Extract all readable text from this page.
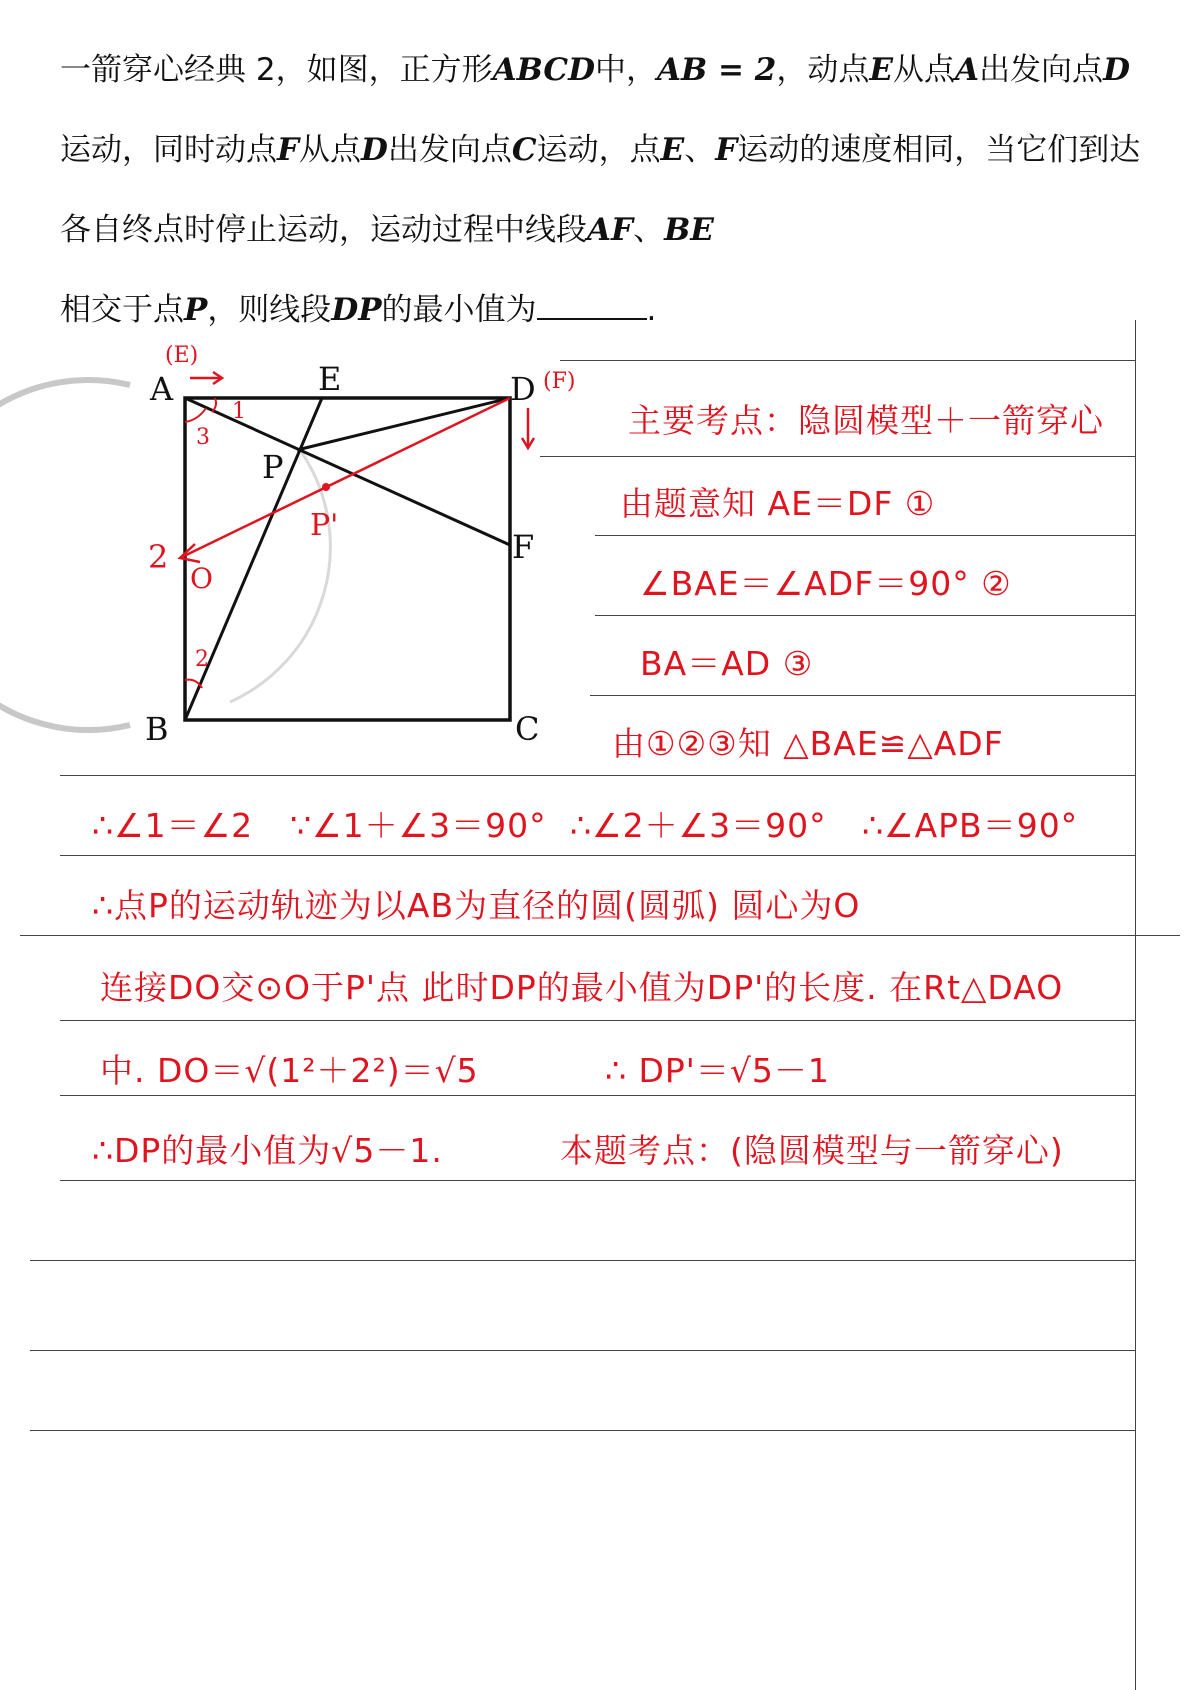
一箭穿心经典 2，如图，正方形ABCD中，AB = 2，动点E从点A出发向点D运动，同时动点F从点D出发向点C运动，点E、F运动的速度相同，当它们到达各自终点时停止运动，运动过程中线段AF、BE
相交于点P，则线段DP的最小值为	.
A	E	D
F
B	C
P
P'
O
2
1
3
2
(E)
(F)
主要考点：隐圆模型＋一箭穿心
由题意知 AE＝DF ①
∠BAE＝∠ADF＝90° ②
BA＝AD ③
由①②③知 △BAE≌△ADF
∴∠1＝∠2 ∵∠1＋∠3＝90° ∴∠2＋∠3＝90° ∴∠APB＝90°
∴点P的运动轨迹为以AB为直径的圆(圆弧) 圆心为O
连接DO交⊙O于P'点 此时DP的最小值为DP'的长度. 在Rt△DAO
中. DO＝√(1²＋2²)＝√5	∴ DP'＝√5－1
∴DP的最小值为√5－1.	本题考点：(隐圆模型与一箭穿心)
